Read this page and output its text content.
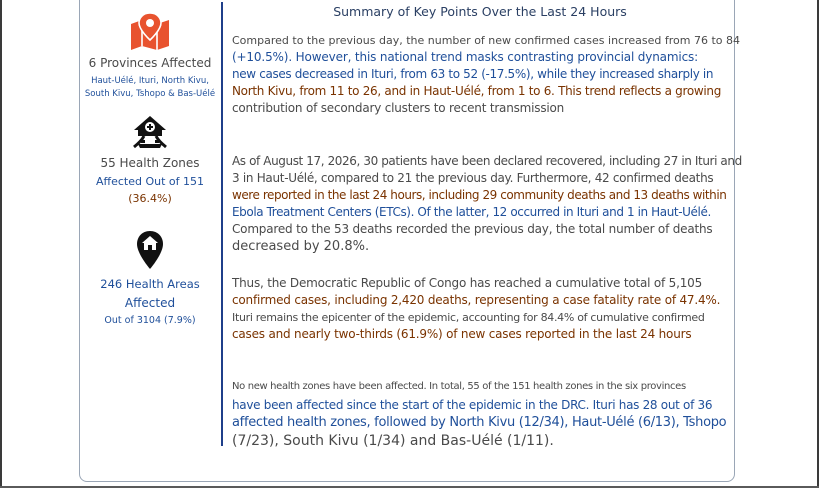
6 Provinces Affected
Haut-Uélé, Ituri, North Kivu,
South Kivu, Tshopo & Bas-Uélé
55 Health Zones
Affected Out of 151
(36.4%)
246 Health Areas
Affected
Out of 3104 (7.9%)
Summary of Key Points Over the Last 24 Hours
Compared to the previous day, the number of new confirmed cases increased from 76 to 84
(+10.5%). However, this national trend masks contrasting provincial dynamics:
new cases decreased in Ituri, from 63 to 52 (-17.5%), while they increased sharply in
North Kivu, from 11 to 26, and in Haut-Uélé, from 1 to 6. This trend reflects a growing
contribution of secondary clusters to recent transmission
As of August 17, 2026, 30 patients have been declared recovered, including 27 in Ituri and
3 in Haut-Uélé, compared to 21 the previous day. Furthermore, 42 confirmed deaths
were reported in the last 24 hours, including 29 community deaths and 13 deaths within
Ebola Treatment Centers (ETCs). Of the latter, 12 occurred in Ituri and 1 in Haut-Uélé.
Compared to the 53 deaths recorded the previous day, the total number of deaths
decreased by 20.8%.
Thus, the Democratic Republic of Congo has reached a cumulative total of 5,105
confirmed cases, including 2,420 deaths, representing a case fatality rate of 47.4%.
Ituri remains the epicenter of the epidemic, accounting for 84.4% of cumulative confirmed
cases and nearly two-thirds (61.9%) of new cases reported in the last 24 hours
No new health zones have been affected. In total, 55 of the 151 health zones in the six provinces
have been affected since the start of the epidemic in the DRC. Ituri has 28 out of 36
affected health zones, followed by North Kivu (12/34), Haut-Uélé (6/13), Tshopo
(7/23), South Kivu (1/34) and Bas-Uélé (1/11).
